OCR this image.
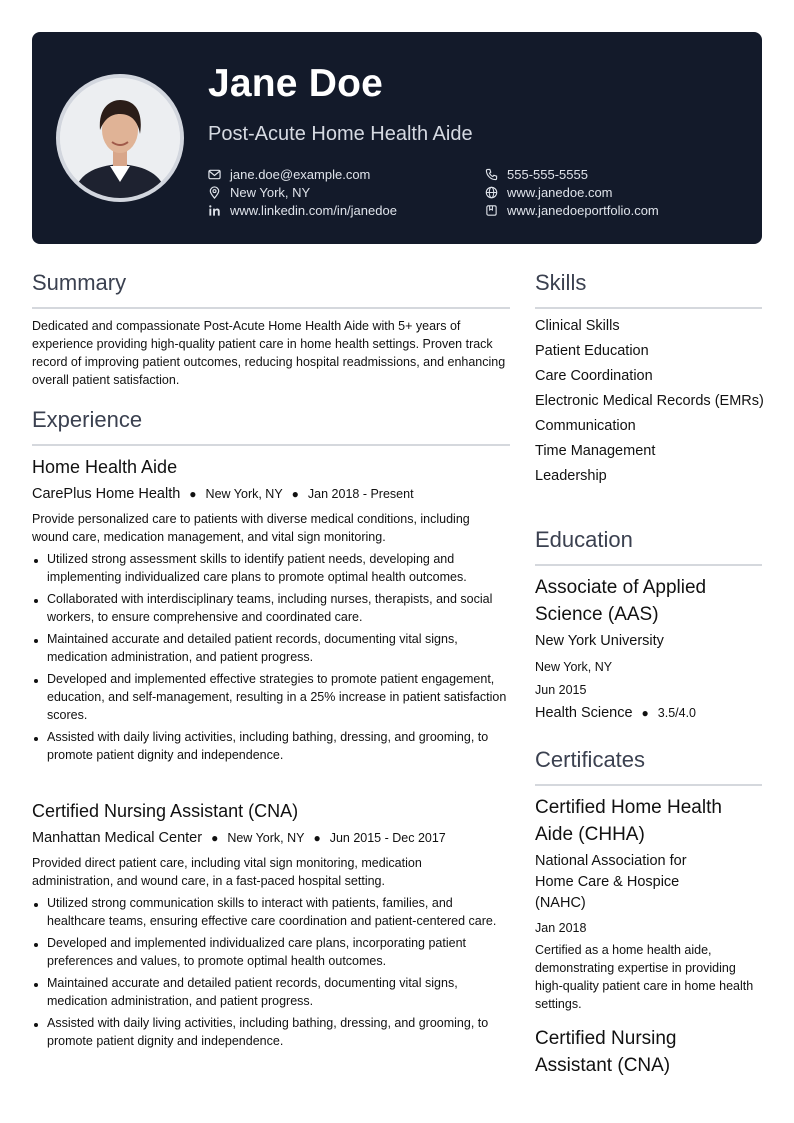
Jane Doe
Post-Acute Home Health Aide
jane.doe@example.com
New York, NY
www.linkedin.com/in/janedoe
555-555-5555
www.janedoe.com
www.janedoeportfolio.com
Summary
Dedicated and compassionate Post-Acute Home Health Aide with 5+ years of experience providing high-quality patient care in home health settings. Proven track record of improving patient outcomes, reducing hospital readmissions, and enhancing overall patient satisfaction.
Experience
Home Health Aide
CarePlus Home Health ● New York, NY ● Jan 2018 - Present
Provide personalized care to patients with diverse medical conditions, including wound care, medication management, and vital sign monitoring.
Utilized strong assessment skills to identify patient needs, developing and implementing individualized care plans to promote optimal health outcomes.
Collaborated with interdisciplinary teams, including nurses, therapists, and social workers, to ensure comprehensive and coordinated care.
Maintained accurate and detailed patient records, documenting vital signs, medication administration, and patient progress.
Developed and implemented effective strategies to promote patient engagement, education, and self-management, resulting in a 25% increase in patient satisfaction scores.
Assisted with daily living activities, including bathing, dressing, and grooming, to promote patient dignity and independence.
Certified Nursing Assistant (CNA)
Manhattan Medical Center ● New York, NY ● Jun 2015 - Dec 2017
Provided direct patient care, including vital sign monitoring, medication administration, and wound care, in a fast-paced hospital setting.
Utilized strong communication skills to interact with patients, families, and healthcare teams, ensuring effective care coordination and patient-centered care.
Developed and implemented individualized care plans, incorporating patient preferences and values, to promote optimal health outcomes.
Maintained accurate and detailed patient records, documenting vital signs, medication administration, and patient progress.
Assisted with daily living activities, including bathing, dressing, and grooming, to promote patient dignity and independence.
Skills
Clinical Skills
Patient Education
Care Coordination
Electronic Medical Records (EMRs)
Communication
Time Management
Leadership
Education
Associate of Applied Science (AAS)
New York University
New York, NY
Jun 2015
Health Science ● 3.5/4.0
Certificates
Certified Home Health Aide (CHHA)
National Association for Home Care & Hospice (NAHC)
Jan 2018
Certified as a home health aide, demonstrating expertise in providing high-quality patient care in home health settings.
Certified Nursing Assistant (CNA)
